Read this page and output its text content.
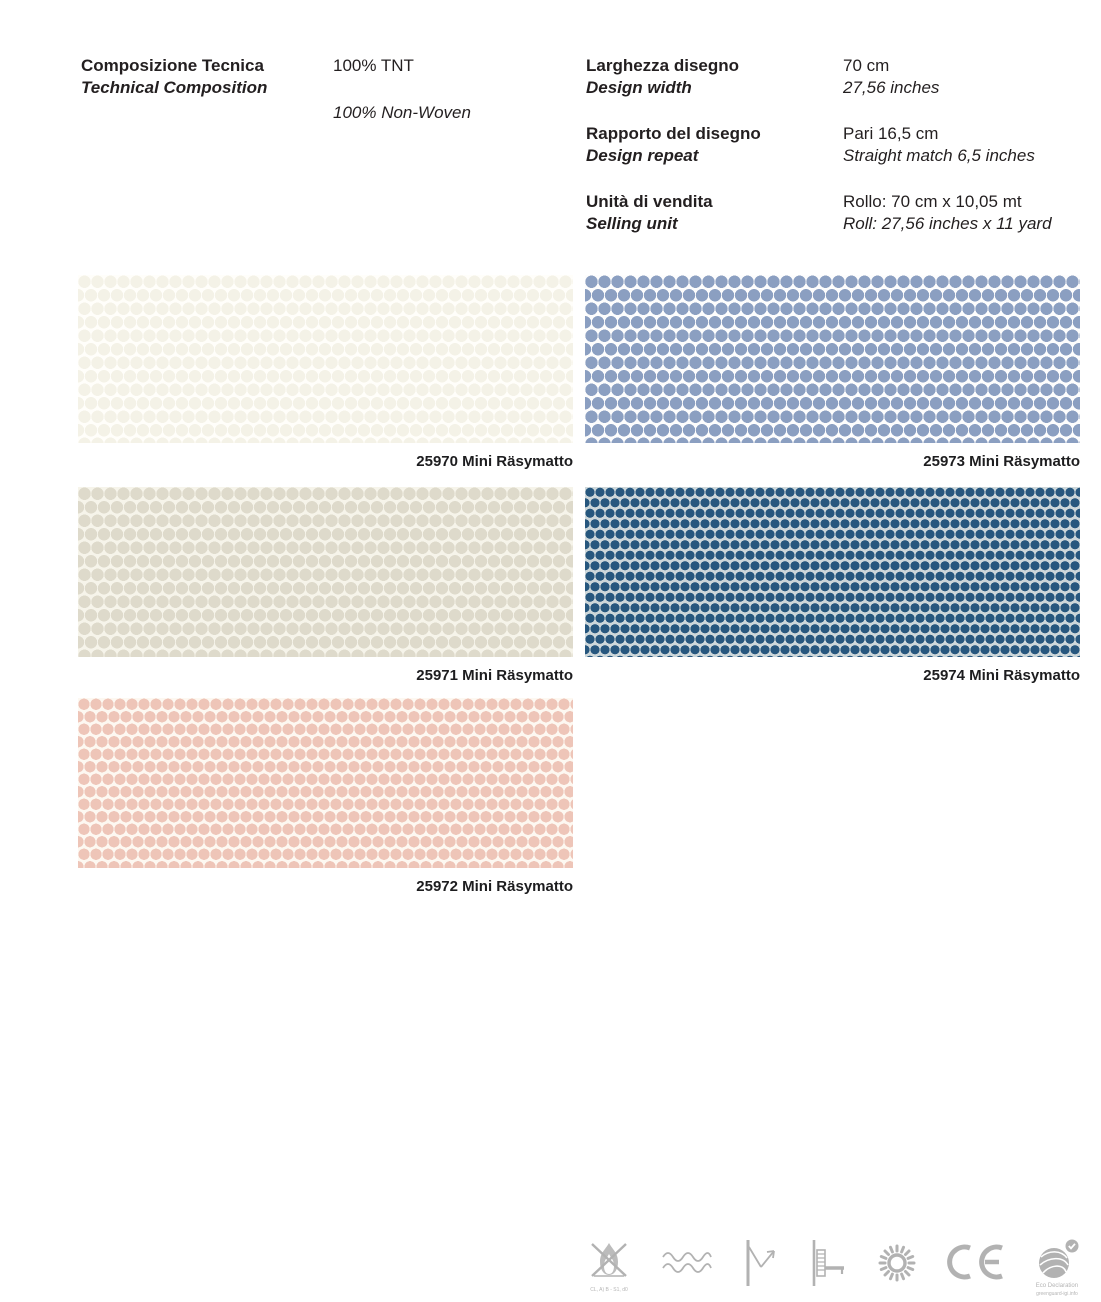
Composizione Tecnica
Technical Composition
100% TNT
100% Non-Woven
Larghezza disegno
Design width
Rapporto del disegno
Design repeat
Unità di vendita
Selling unit
70 cm
27,56 inches
Pari 16,5 cm
Straight match 6,5 inches
Rollo: 70 cm x 10,05 mt
Roll: 27,56 inches x 11 yard
25970 Mini Räsymatto	25973 Mini Räsymatto
25971 Mini Räsymatto	25974 Mini Räsymatto
25972 Mini Räsymatto
CL, A) B - S1, d0
Eco Declaration
greenguard-igi.info
